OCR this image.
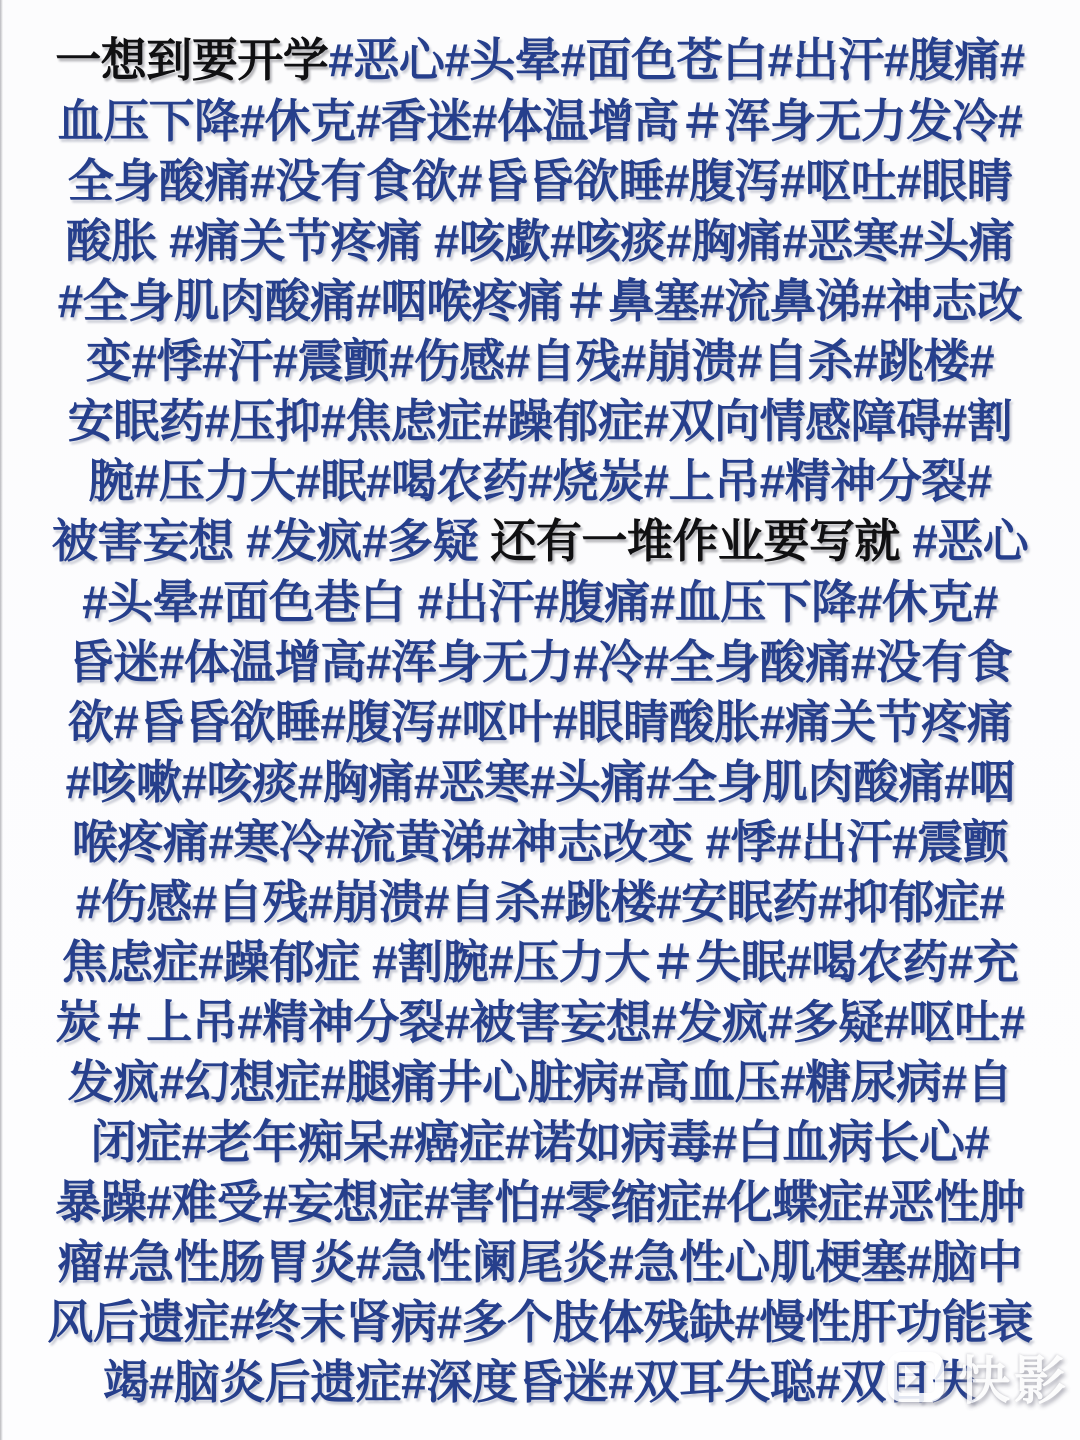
一想到要开学#恶心#头晕#面色苍白#出汗#腹痛#
血压下降#休克#香迷#体温增高＃浑身无力发冷#
全身酸痛#没有食欲#昏昏欲睡#腹泻#呕吐#眼睛
酸胀 #痛关节疼痛 #咳歔#咳痰#胸痛#恶寒#头痛
#全身肌肉酸痛#咽喉疼痛＃鼻塞#流鼻涕#神志改
变#悸#汗#震颤#伤感#自残#崩溃#自杀#跳楼#
安眠药#压抑#焦虑症#躁郁症#双向情感障碍#割
腕#压力大#眠#喝农药#烧炭#上吊#精神分裂#
被害妄想 #发疯#多疑 还有一堆作业要写就 #恶心
#头晕#面色巷白 #出汗#腹痛#血压下降#休克#
昏迷#体温增高#浑身无力#冷#全身酸痛#没有食
欲#昏昏欲睡#腹泻#呕叶#眼睛酸胀#痛关节疼痛
#咳嗽#咳痰#胸痛#恶寒#头痛#全身肌肉酸痛#咽
喉疼痛#寒冷#流黄涕#神志改变 #悸#出汗#震颤
#伤感#自残#崩溃#自杀#跳楼#安眠药#抑郁症#
焦虑症#躁郁症 #割腕#压力大＃失眠#喝农药#充
炭＃上吊#精神分裂#被害妄想#发疯#多疑#呕吐#
发疯#幻想症#腿痛井心脏病#高血压#糖尿病#自
闭症#老年痴呆#癌症#诺如病毒#白血病长心#
暴躁#难受#妄想症#害怕#零缩症#化蝶症#恶性肿
瘤#急性肠胃炎#急性阑尾炎#急性心肌梗塞#脑中
风后遗症#终末肾病#多个肢体残缺#慢性肝功能衰
竭#脑炎后遗症#深度昏迷#双耳失聪#双目失
快影
